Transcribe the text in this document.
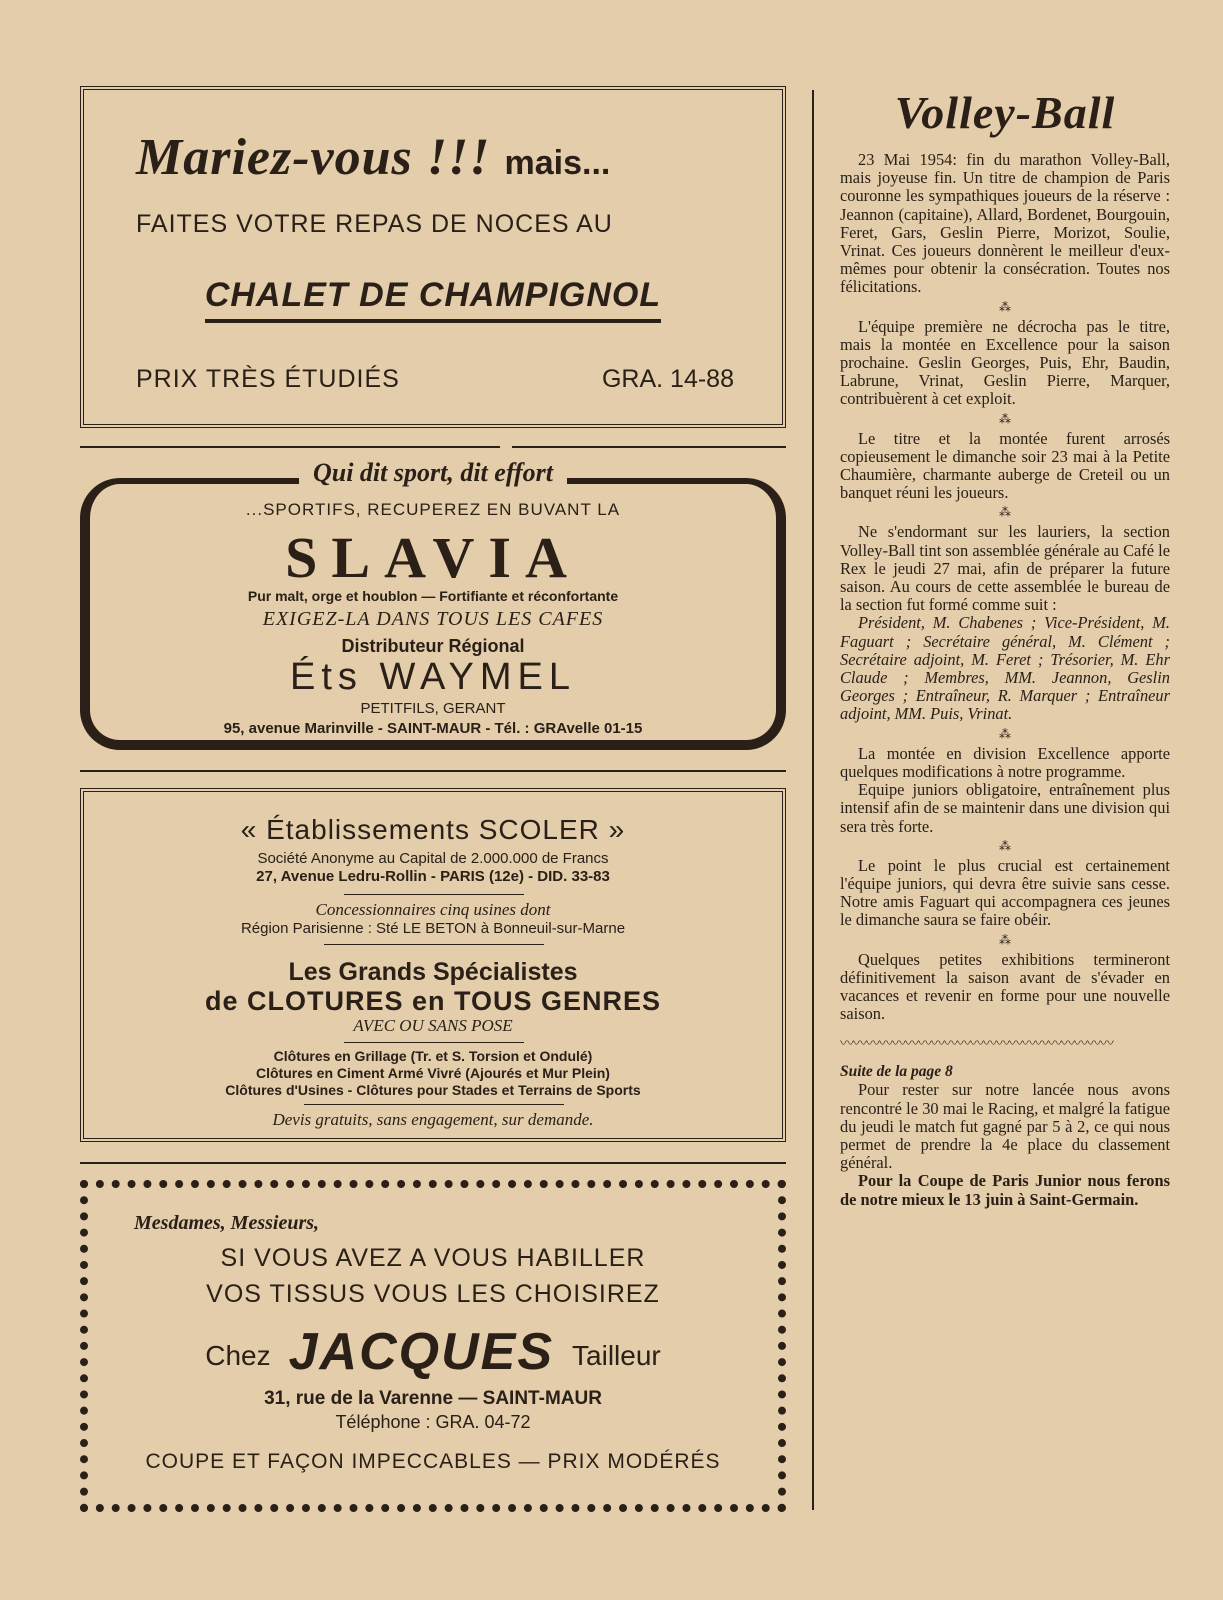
Mariez-vous !!! mais...
FAITES VOTRE REPAS DE NOCES AU
CHALET DE CHAMPIGNOL
PRIX TRÈS ÉTUDIÉS	GRA. 14-88
Qui dit sport, dit effort
...SPORTIFS, RECUPEREZ EN BUVANT LA
SLAVIA
Pur malt, orge et houblon — Fortifiante et réconfortante
EXIGEZ-LA DANS TOUS LES CAFES
Distributeur Régional
Éts WAYMEL
PETITFILS, GERANT
95, avenue Marinville - SAINT-MAUR - Tél. : GRAvelle 01-15
« Établissements SCOLER »
Société Anonyme au Capital de 2.000.000 de Francs
27, Avenue Ledru-Rollin - PARIS (12e) - DID. 33-83
Concessionnaires cinq usines dont
Région Parisienne : Sté LE BETON à Bonneuil-sur-Marne
Les Grands Spécialistes
de CLOTURES en TOUS GENRES
AVEC OU SANS POSE
Clôtures en Grillage (Tr. et S. Torsion et Ondulé)
Clôtures en Ciment Armé Vivré (Ajourés et Mur Plein)
Clôtures d'Usines - Clôtures pour Stades et Terrains de Sports
Devis gratuits, sans engagement, sur demande.
Mesdames, Messieurs,
SI VOUS AVEZ A VOUS HABILLER
VOS TISSUS VOUS LES CHOISIREZ
Chez JACQUES Tailleur
31, rue de la Varenne — SAINT-MAUR
Téléphone : GRA. 04-72
COUPE ET FAÇON IMPECCABLES — PRIX MODÉRÉS
Volley-Ball

23 Mai 1954: fin du marathon Volley-Ball, mais joyeuse fin. Un titre de champion de Paris couronne les sympathiques joueurs de la réserve : Jeannon (capitaine), Allard, Bordenet, Bourgouin, Feret, Gars, Geslin Pierre, Morizot, Soulie, Vrinat. Ces joueurs donnèrent le meilleur d'eux-mêmes pour obtenir la consécration. Toutes nos félicitations.

⁂

L'équipe première ne décrocha pas le titre, mais la montée en Excellence pour la saison prochaine. Geslin Georges, Puis, Ehr, Baudin, Labrune, Vrinat, Geslin Pierre, Marquer, contribuèrent à cet exploit.

⁂

Le titre et la montée furent arrosés copieusement le dimanche soir 23 mai à la Petite Chaumière, charmante auberge de Creteil ou un banquet réuni les joueurs.

⁂

Ne s'endormant sur les lauriers, la section Volley-Ball tint son assemblée générale au Café le Rex le jeudi 27 mai, afin de préparer la future saison. Au cours de cette assemblée le bureau de la section fut formé comme suit :

Président, M. Chabenes ; Vice-Président, M. Faguart ; Secrétaire général, M. Clément ; Secrétaire adjoint, M. Feret ; Trésorier, M. Ehr Claude ; Membres, MM. Jeannon, Geslin Georges ; Entraîneur, R. Marquer ; Entraîneur adjoint, MM. Puis, Vrinat.

⁂

La montée en division Excellence apporte quelques modifications à notre programme.

Equipe juniors obligatoire, entraînement plus intensif afin de se maintenir dans une division qui sera très forte.

⁂

Le point le plus crucial est certainement l'équipe juniors, qui devra être suivie sans cesse. Notre amis Faguart qui accompagnera ces jeunes le dimanche saura se faire obéir.

⁂

Quelques petites exhibitions termineront définitivement la saison avant de s'évader en vacances et revenir en forme pour une nouvelle saison.

〰〰〰〰〰〰〰〰〰〰〰〰〰〰〰〰〰〰〰〰〰

Suite de la page 8

Pour rester sur notre lancée nous avons rencontré le 30 mai le Racing, et malgré la fatigue du jeudi le match fut gagné par 5 à 2, ce qui nous permet de prendre la 4e place du classement général.

Pour la Coupe de Paris Junior nous ferons de notre mieux le 13 juin à Saint-Germain.
